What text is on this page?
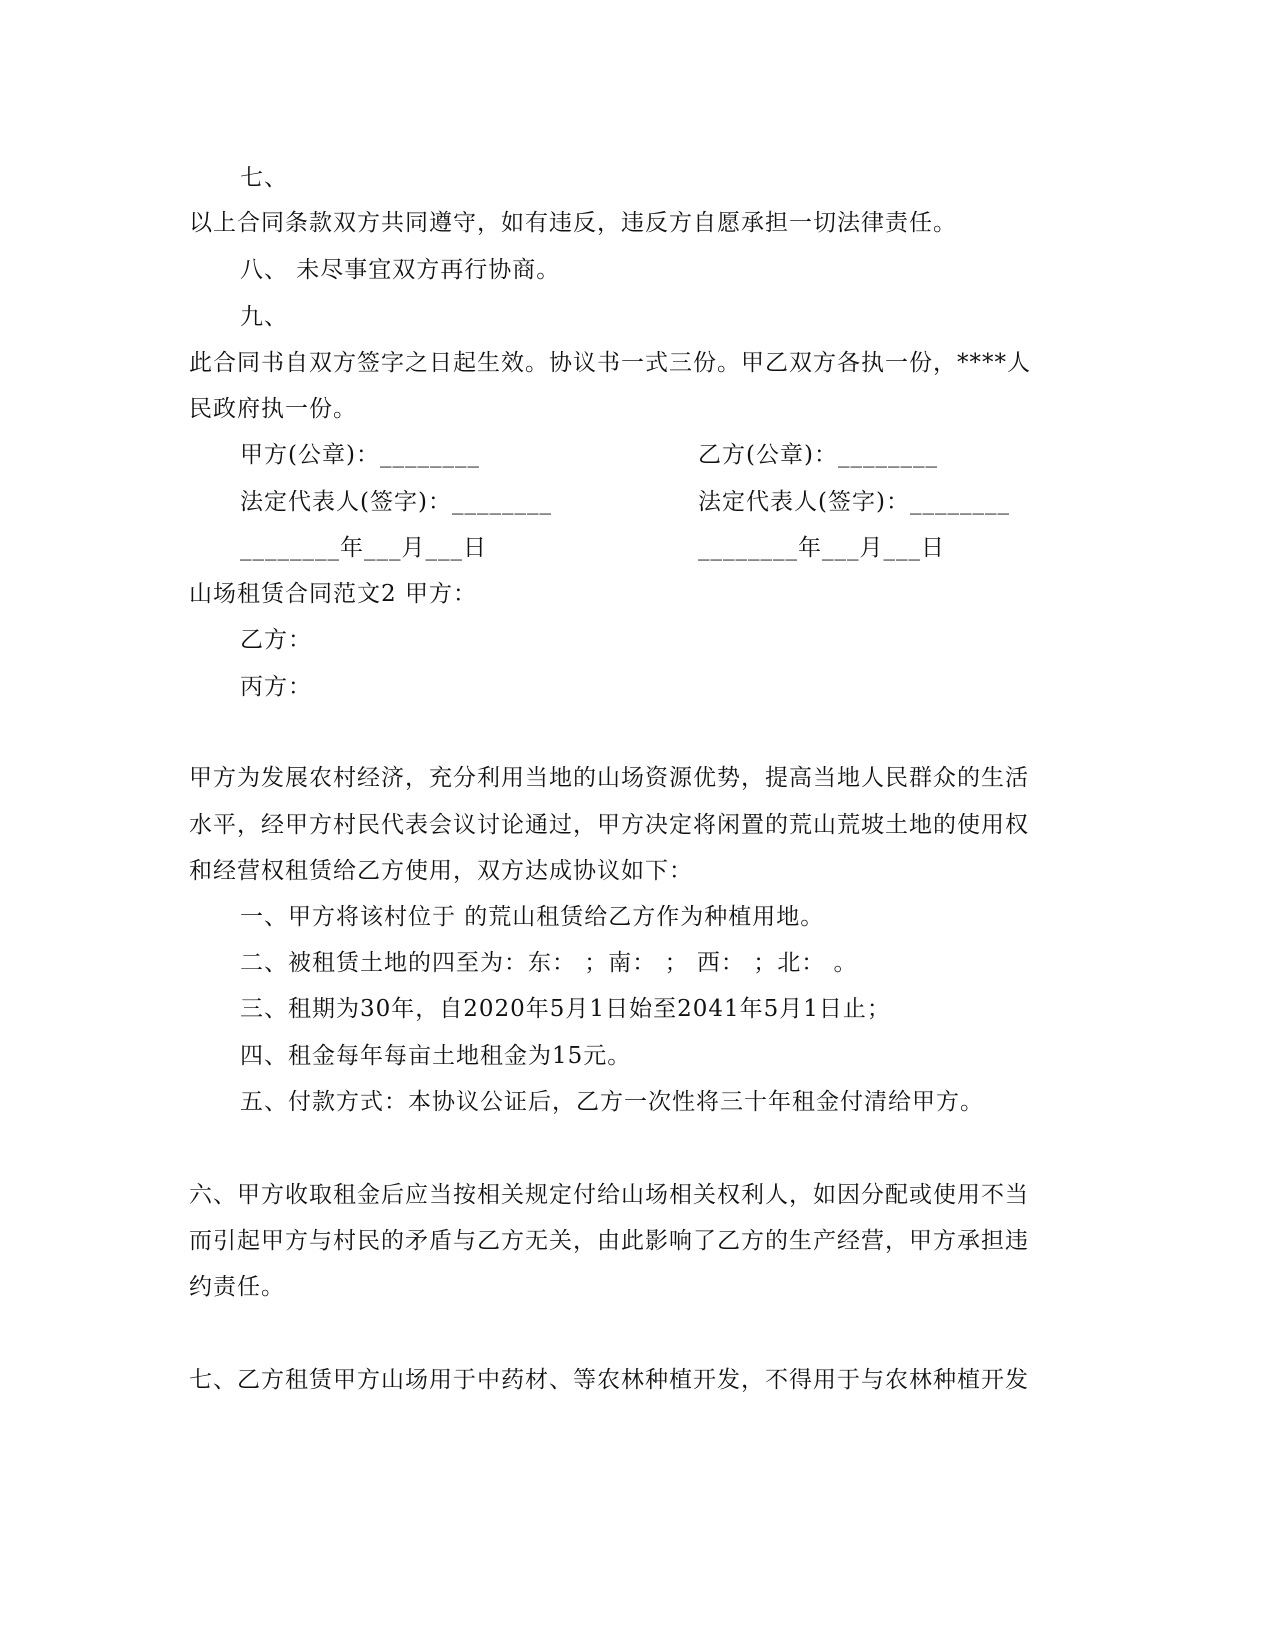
七、
以上合同条款双方共同遵守，如有违反，违反方自愿承担一切法律责任。
八、 未尽事宜双方再行协商。
九、
此合同书自双方签字之日起生效。协议书一式三份。甲乙双方各执一份，****人
民政府执一份。
甲方(公章)：________	乙方(公章)：________
法定代表人(签字)：________	法定代表人(签字)：________
________年___月___日	________年___月___日
山场租赁合同范文2 甲方：
乙方：
丙方：
甲方为发展农村经济，充分利用当地的山场资源优势，提高当地人民群众的生活
水平，经甲方村民代表会议讨论通过，甲方决定将闲置的荒山荒坡土地的使用权
和经营权租赁给乙方使用，双方达成协议如下：
一、甲方将该村位于 的荒山租赁给乙方作为种植用地。
二、被租赁土地的四至为：东： ；南： ； 西： ；北： 。
三、租期为30年，自2020年5月1日始至2041年5月1日止；
四、租金每年每亩土地租金为15元。
五、付款方式：本协议公证后，乙方一次性将三十年租金付清给甲方。
六、甲方收取租金后应当按相关规定付给山场相关权利人，如因分配或使用不当
而引起甲方与村民的矛盾与乙方无关，由此影响了乙方的生产经营，甲方承担违
约责任。
七、乙方租赁甲方山场用于中药材、等农林种植开发，不得用于与农林种植开发
